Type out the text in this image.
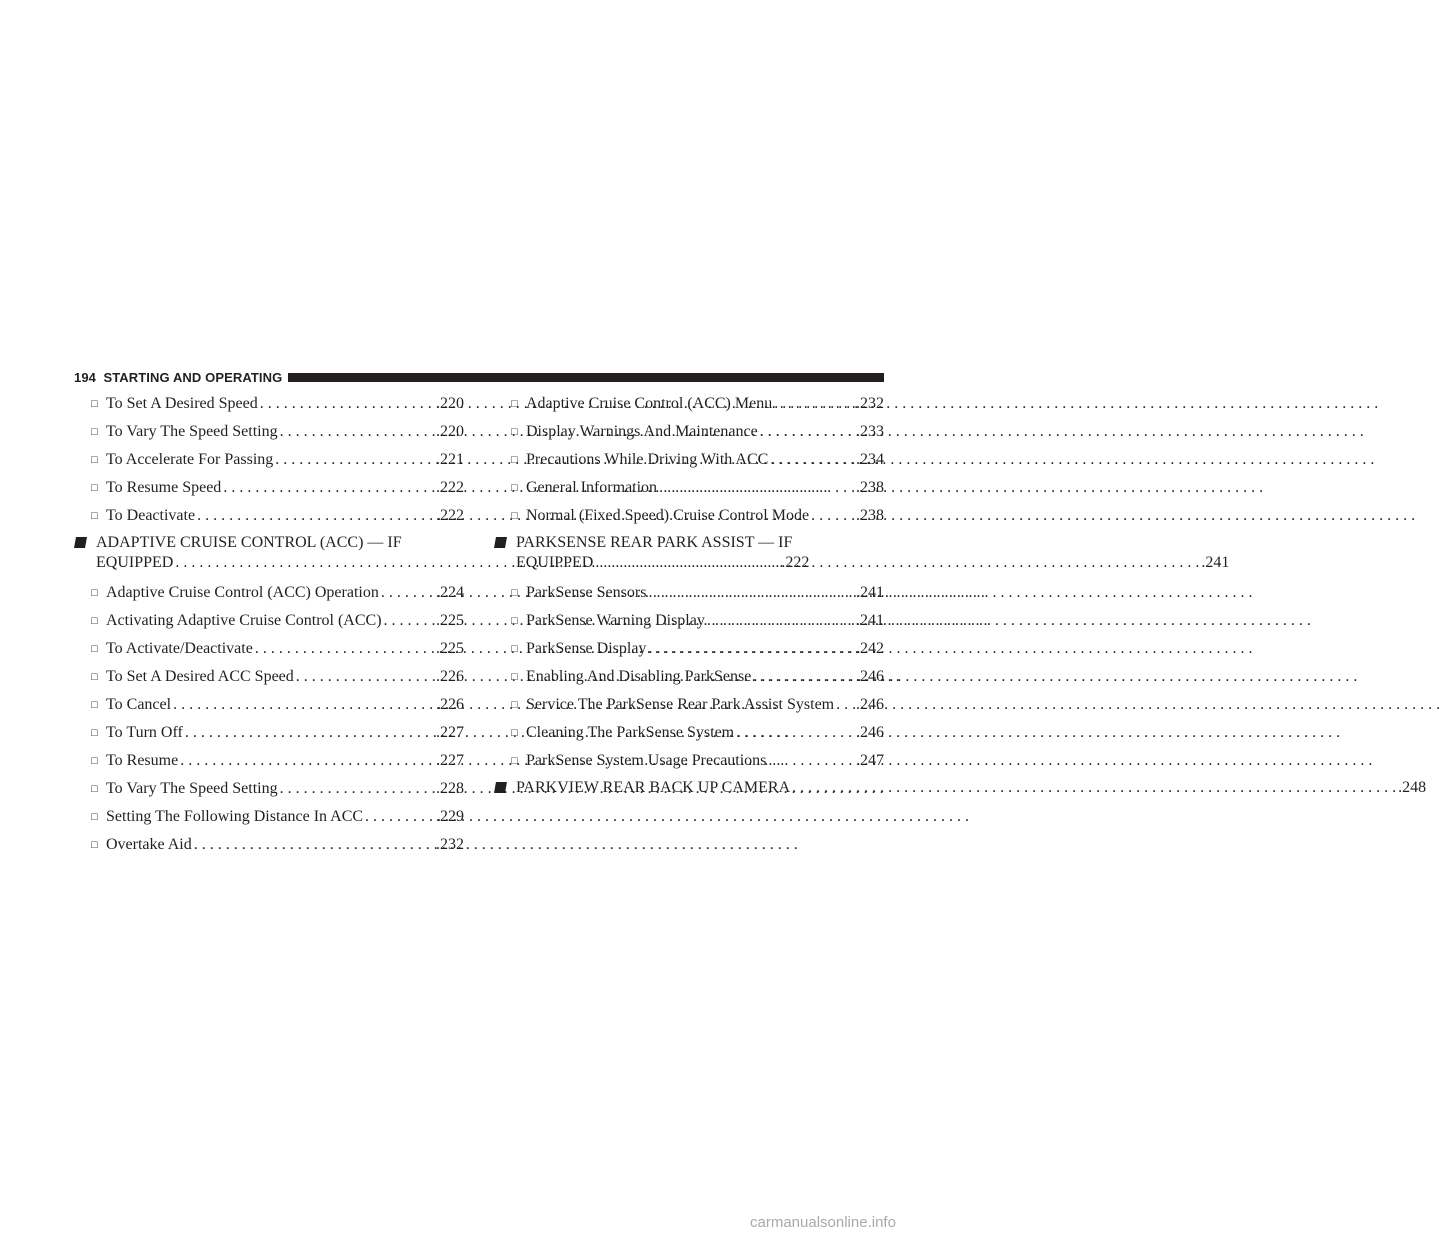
194 STARTING AND OPERATING
□ To Set A Desired Speed . . .	.220
□ To Vary The Speed Setting . . .	.220
□ To Accelerate For Passing . . .	.221
□ To Resume Speed . . .	.222
□ To Deactivate . . .	.222
ADAPTIVE CRUISE CONTROL (ACC) — IF
EQUIPPED . . .	.222
□ Adaptive Cruise Control (ACC) Operation . . .	.224
□ Activating Adaptive Cruise Control (ACC) . . .	.225
□ To Activate/Deactivate . . .	.225
□ To Set A Desired ACC Speed . . .	.226
□ To Cancel . . .	.226
□ To Turn Off . . .	.227
□ To Resume . . .	.227
□ To Vary The Speed Setting . . .	.228
□ Setting The Following Distance In ACC . . .	.229
□ Overtake Aid . . .	.232
□ Adaptive Cruise Control (ACC) Menu . . .	.232
□ Display Warnings And Maintenance . . .	.233
□ Precautions While Driving With ACC . . .	.234
□ General Information . . .	.238
□ Normal (Fixed Speed) Cruise Control Mode . . .	.238
PARKSENSE REAR PARK ASSIST — IF
EQUIPPED . . .	.241
□ ParkSense Sensors . . .	.241
□ ParkSense Warning Display . . .	.241
□ ParkSense Display . . .	.242
□ Enabling And Disabling ParkSense . . .	.246
□ Service The ParkSense Rear Park Assist System . . . .246
□ Cleaning The ParkSense System . . .	.246
□ ParkSense System Usage Precautions . . .	.247
PARKVIEW REAR BACK UP CAMERA . . .	.248
carmanualsonline.info
